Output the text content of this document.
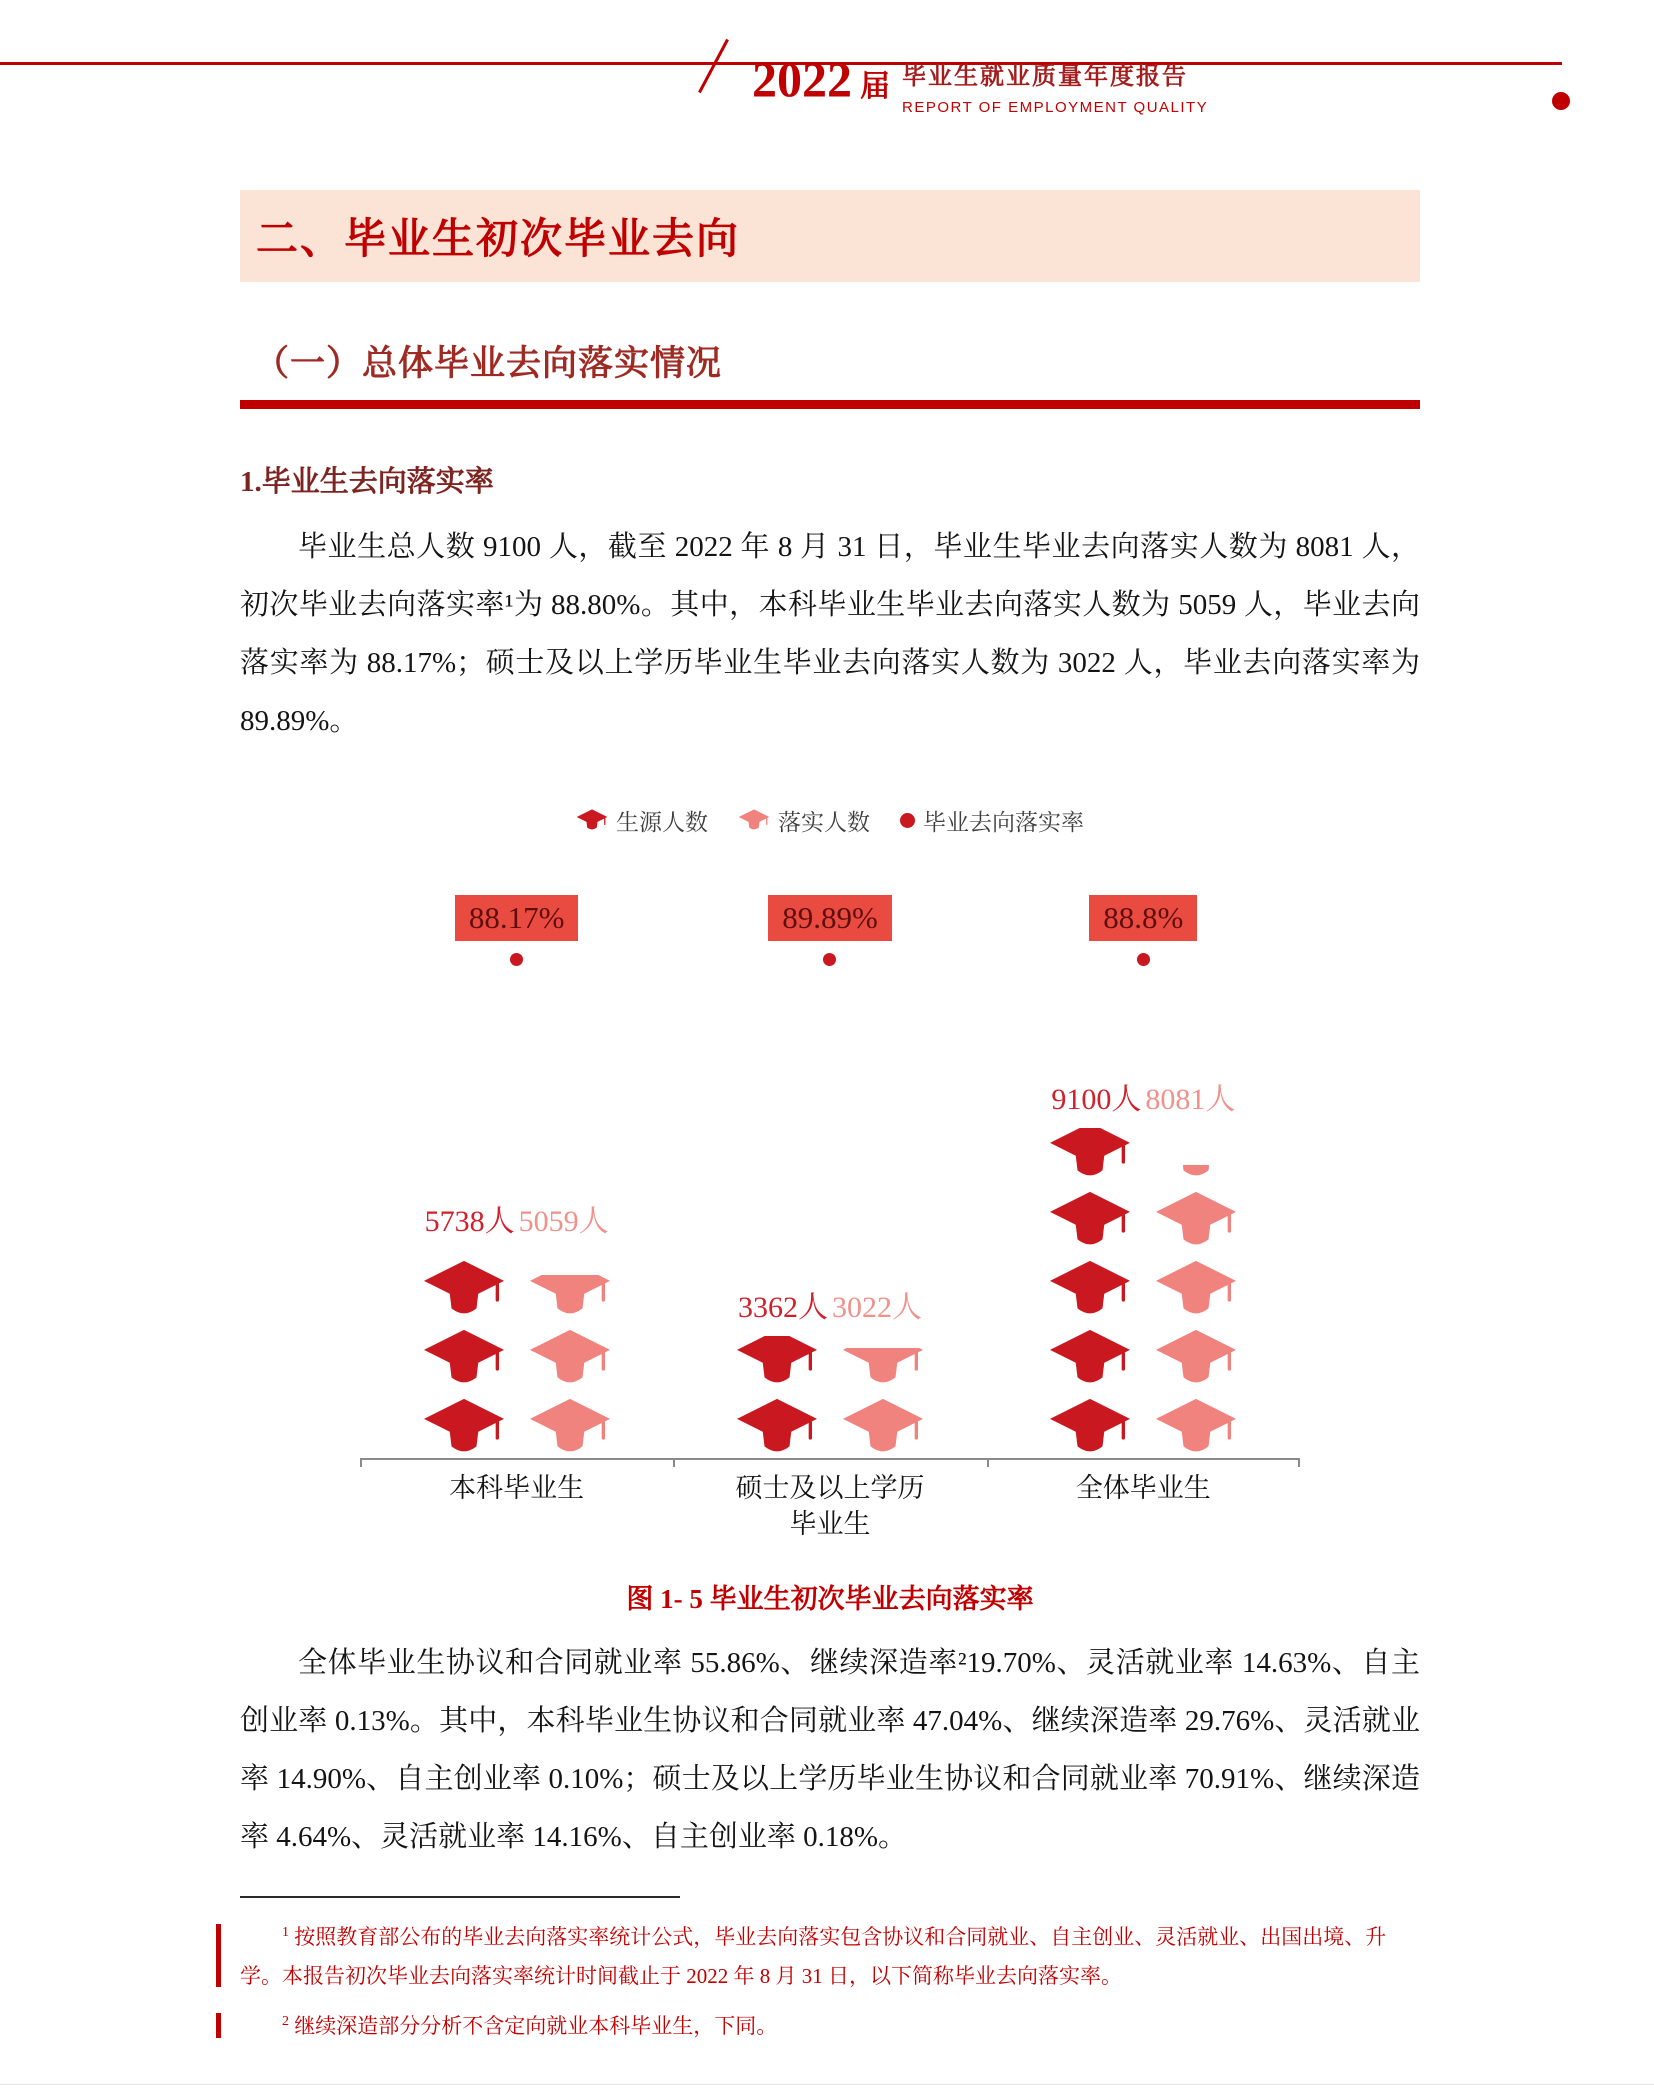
2022 届 毕业生就业质量年度报告
REPORT OF EMPLOYMENT QUALITY
二、毕业生初次毕业去向
（一）总体毕业去向落实情况
1.毕业生去向落实率

毕业生总人数 9100 人，截至 2022 年 8 月 31 日，毕业生毕业去向落实人数为 8081 人，初次毕业去向落实率¹为 88.80%。其中，本科毕业生毕业去向落实人数为 5059 人，毕业去向落实率为 88.17%；硕士及以上学历毕业生毕业去向落实人数为 3022 人，毕业去向落实率为 89.89%。

生源人数	落实人数 毕业去向落实率
88.17%	89.89%	88.8%
5738人 5059人
3362人 3022人
9100人 8081人
本科毕业生	硕士及以上学历
毕业生
全体毕业生
图 1- 5 毕业生初次毕业去向落实率

全体毕业生协议和合同就业率 55.86%、继续深造率²19.70%、灵活就业率 14.63%、自主创业率 0.13%。其中，本科毕业生协议和合同就业率 47.04%、继续深造率 29.76%、灵活就业率 14.90%、自主创业率 0.10%；硕士及以上学历毕业生协议和合同就业率 70.91%、继续深造率 4.64%、灵活就业率 14.16%、自主创业率 0.18%。

$^1$ 按照教育部公布的毕业去向落实率统计公式，毕业去向落实包含协议和合同就业、自主创业、灵活就业、出国出境、升学。本报告初次毕业去向落实率统计时间截止于 2022 年 8 月 31 日，以下简称毕业去向落实率。
$^2$ 继续深造部分分析不含定向就业本科毕业生，下同。
